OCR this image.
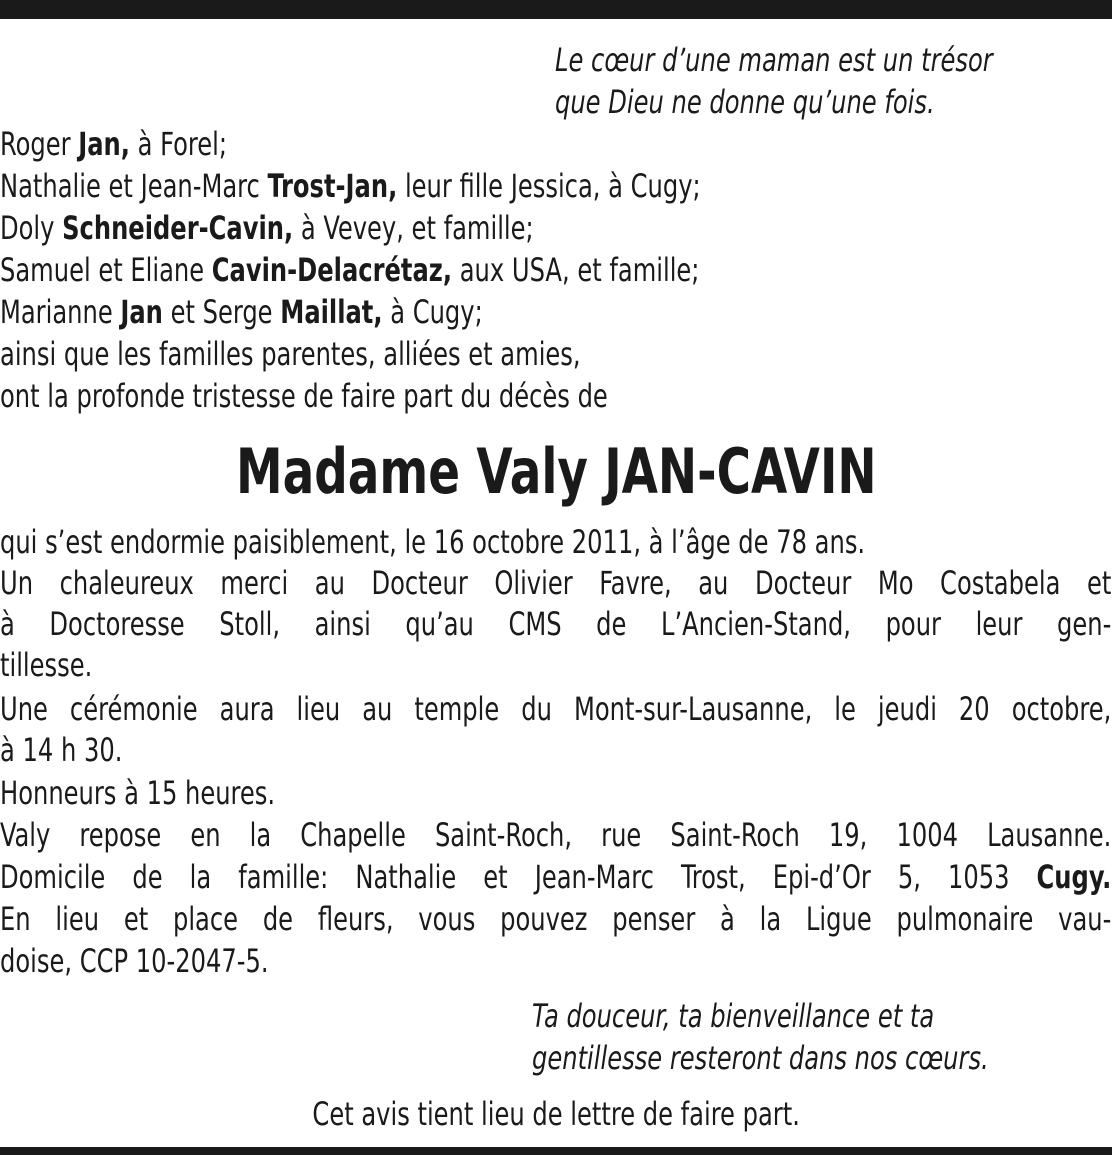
Le cœur d’une maman est un trésor
que Dieu ne donne qu’une fois.
Roger Jan, à Forel;
Nathalie et Jean-Marc Trost-Jan, leur fille Jessica, à Cugy;
Doly Schneider-Cavin, à Vevey, et famille;
Samuel et Eliane Cavin-Delacrétaz, aux USA, et famille;
Marianne Jan et Serge Maillat, à Cugy;
ainsi que les familles parentes, alliées et amies,
ont la profonde tristesse de faire part du décès de
Madame Valy JAN-CAVIN
qui s’est endormie paisiblement, le 16 octobre 2011, à l’âge de 78 ans.
Un chaleureux merci au Docteur Olivier Favre, au Docteur Mo Costabela et
à Doctoresse Stoll, ainsi qu’au CMS de L’Ancien-Stand, pour leur gen-
tillesse.
Une cérémonie aura lieu au temple du Mont-sur-Lausanne, le jeudi 20 octobre,
à 14 h 30.
Honneurs à 15 heures.
Valy repose en la Chapelle Saint-Roch, rue Saint-Roch 19, 1004 Lausanne.
Domicile de la famille: Nathalie et Jean-Marc Trost, Epi-d’Or 5, 1053 Cugy.
En lieu et place de fleurs, vous pouvez penser à la Ligue pulmonaire vau-
doise, CCP 10-2047-5.
Ta douceur, ta bienveillance et ta
gentillesse resteront dans nos cœurs.
Cet avis tient lieu de lettre de faire part.
